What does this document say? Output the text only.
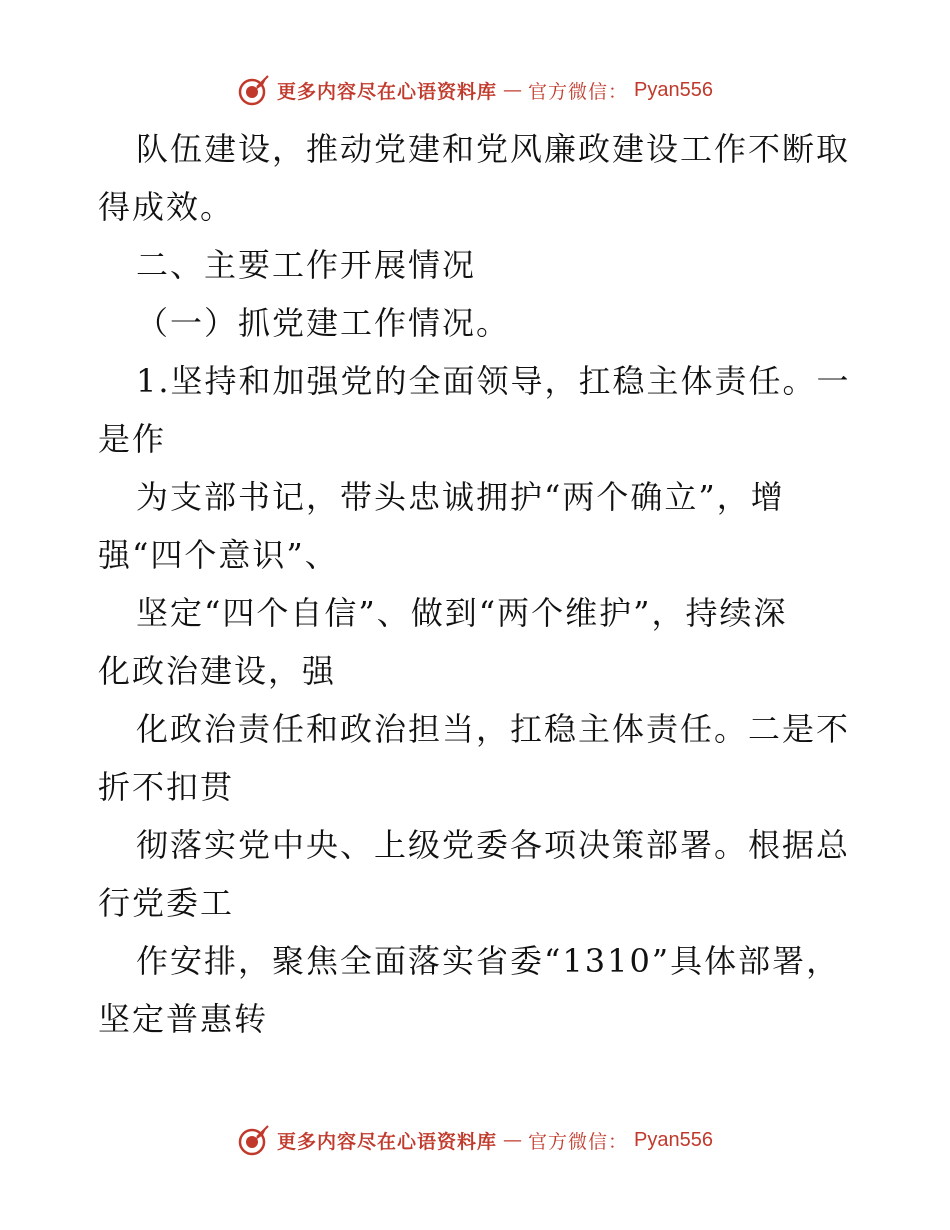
更多内容尽在心语资料库 — 官方微信： Pyan556
队伍建设，推动党建和党风廉政建设工作不断取
得成效。
二、主要工作开展情况
（一）抓党建工作情况。
1.坚持和加强党的全面领导，扛稳主体责任。一
是作
为支部书记，带头忠诚拥护“两个确立”，增
强“四个意识”、
坚定“四个自信”、做到“两个维护”，持续深
化政治建设，强
化政治责任和政治担当，扛稳主体责任。二是不
折不扣贯
彻落实党中央、上级党委各项决策部署。根据总
行党委工
作安排，聚焦全面落实省委“1310”具体部署，
坚定普惠转
更多内容尽在心语资料库 — 官方微信： Pyan556
